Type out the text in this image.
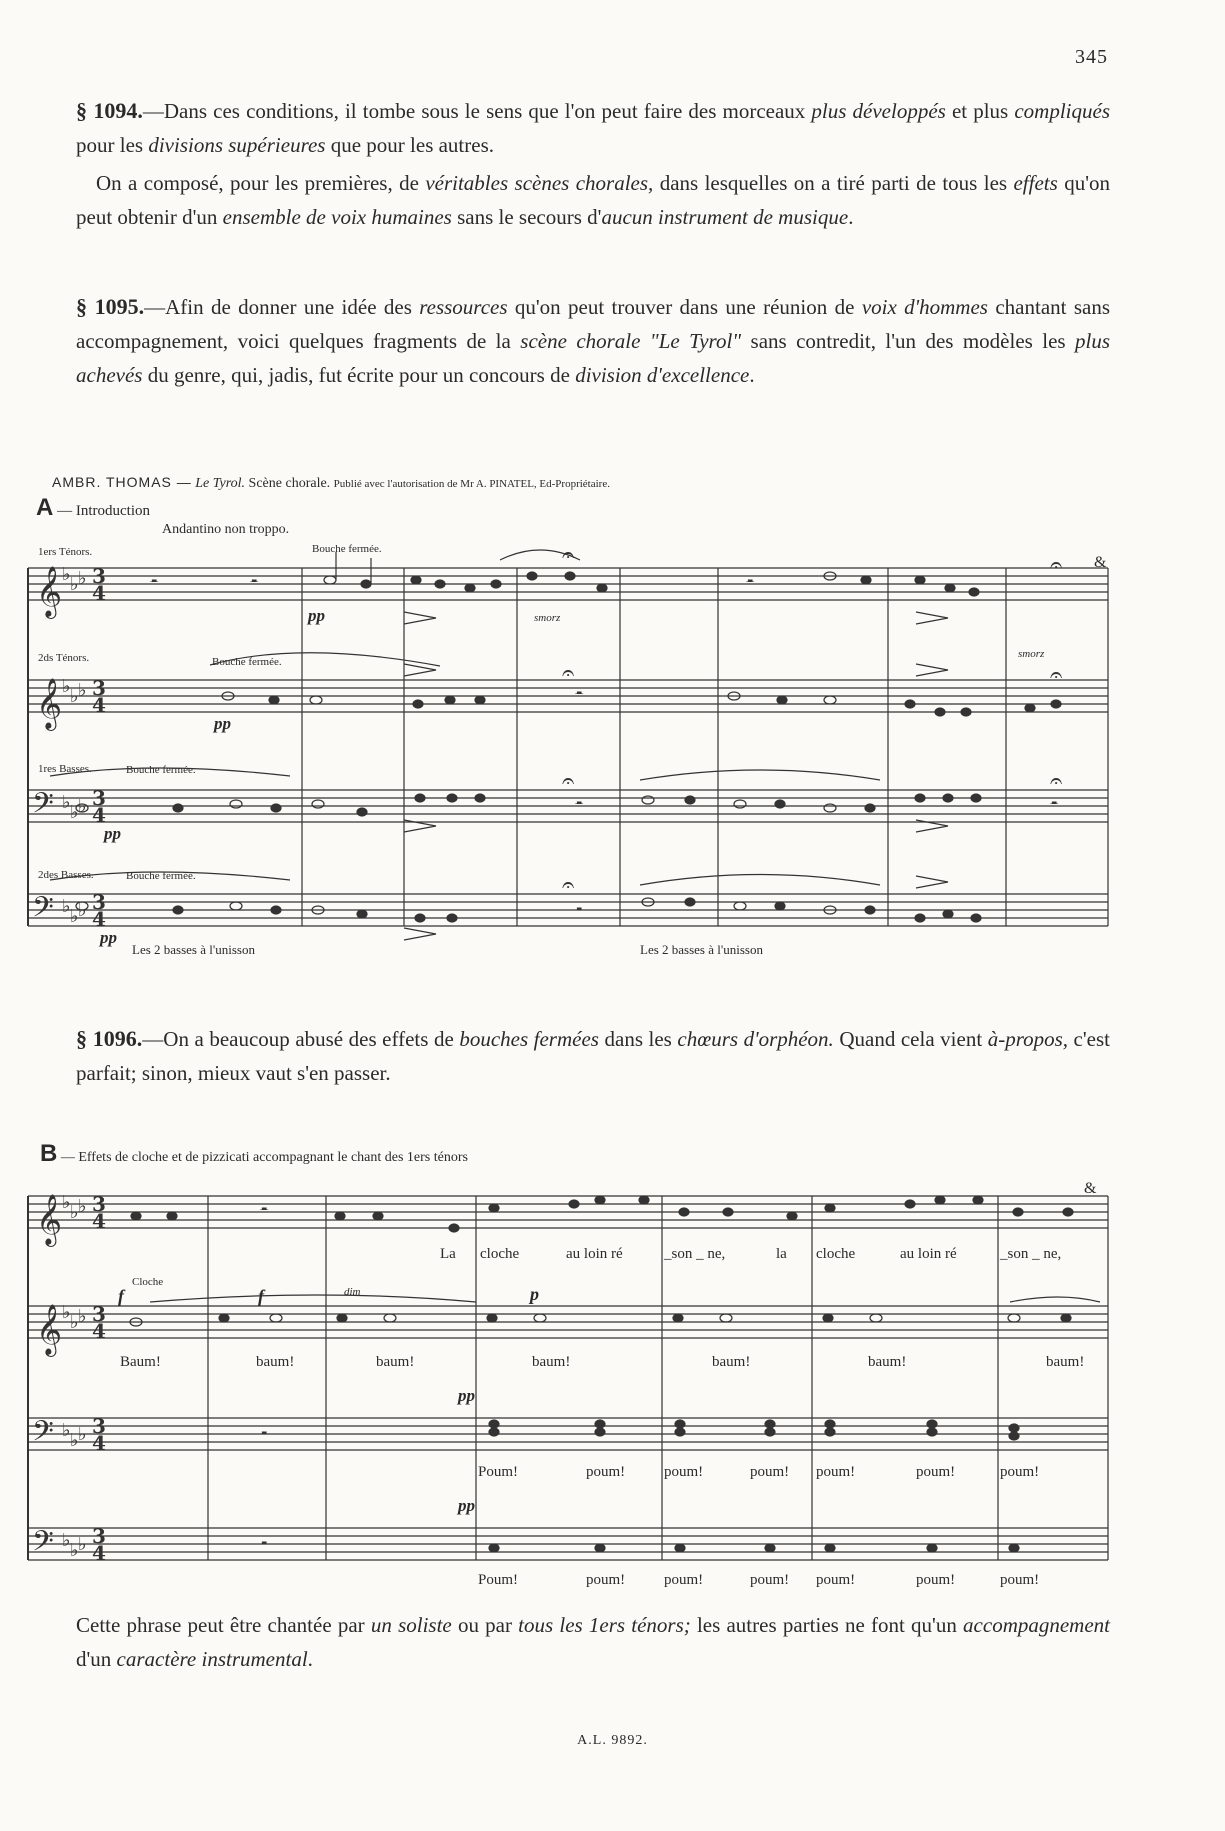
345
§ 1094.—Dans ces conditions, il tombe sous le sens que l'on peut faire des morceaux plus développés et plus compliqués pour les divisions supérieures que pour les autres.
On a composé, pour les premières, de véritables scènes chorales, dans lesquelles on a tiré parti de tous les effets qu'on peut obtenir d'un ensemble de voix humaines sans le secours d'aucun instrument de musique.
§ 1095.—Afin de donner une idée des ressources qu'on peut trouver dans une réunion de voix d'hommes chantant sans accompagnement, voici quelques fragments de la scène chorale "Le Tyrol" sans contredit, l'un des modèles les plus achevés du genre, qui, jadis, fut écrite pour un concours de division d'excellence.
AMBR. THOMAS — Le Tyrol. Scène chorale. Publié avec l'autorisation de Mr A. PINATEL, Ed-Propriétaire.
A — Introduction
Andantino non troppo.
1ers Ténors.
2ds Ténors.
1res Basses.
2des Basses.
Bouche fermée.
Bouche fermée.
Bouche fermée.
Bouche fermée.
pp
pp
pp
pp
smorz
smorz
&
Les 2 basses à l'unisson	Les 2 basses à l'unisson
𝄞
𝄞
𝄢
𝄢
𝄞
𝄞
𝄢
𝄢
♭ ♭ ♭
♭ ♭ ♭
♭ ♭ ♭
♭ ♭ ♭
♭ ♭ ♭
♭ ♭ ♭
♭ ♭ ♭
♭ ♭ ♭
3
4
3
4
3
4
3
4
3
4
3
4
3
4
3
4
𝄼	𝄼
𝄼
𝄼
𝄼
𝄼
𝄼
𝄼
𝄼
𝄼
𝄐
𝄐
𝄐
𝄐
𝄐
𝄐
𝄐
B — Effets de cloche et de pizzicati accompagnant le chant des 1ers ténors
&
Cloche
f	f	dim	p
pp
pp
La cloche	au loin ré	_son _ ne,	la cloche	au loin ré	_son _ ne,
Baum!	baum!	baum!	baum!	baum!	baum!	baum!
Poum!	poum!	poum!	poum! poum!	poum!	poum!
Poum!	poum!	poum!	poum! poum!	poum!	poum!
§ 1096.—On a beaucoup abusé des effets de bouches fermées dans les chœurs d'orphéon. Quand cela vient à-propos, c'est parfait; sinon, mieux vaut s'en passer.
Cette phrase peut être chantée par un soliste ou par tous les 1ers ténors; les autres parties ne font qu'un accompagnement d'un caractère instrumental.
A.L. 9892.
